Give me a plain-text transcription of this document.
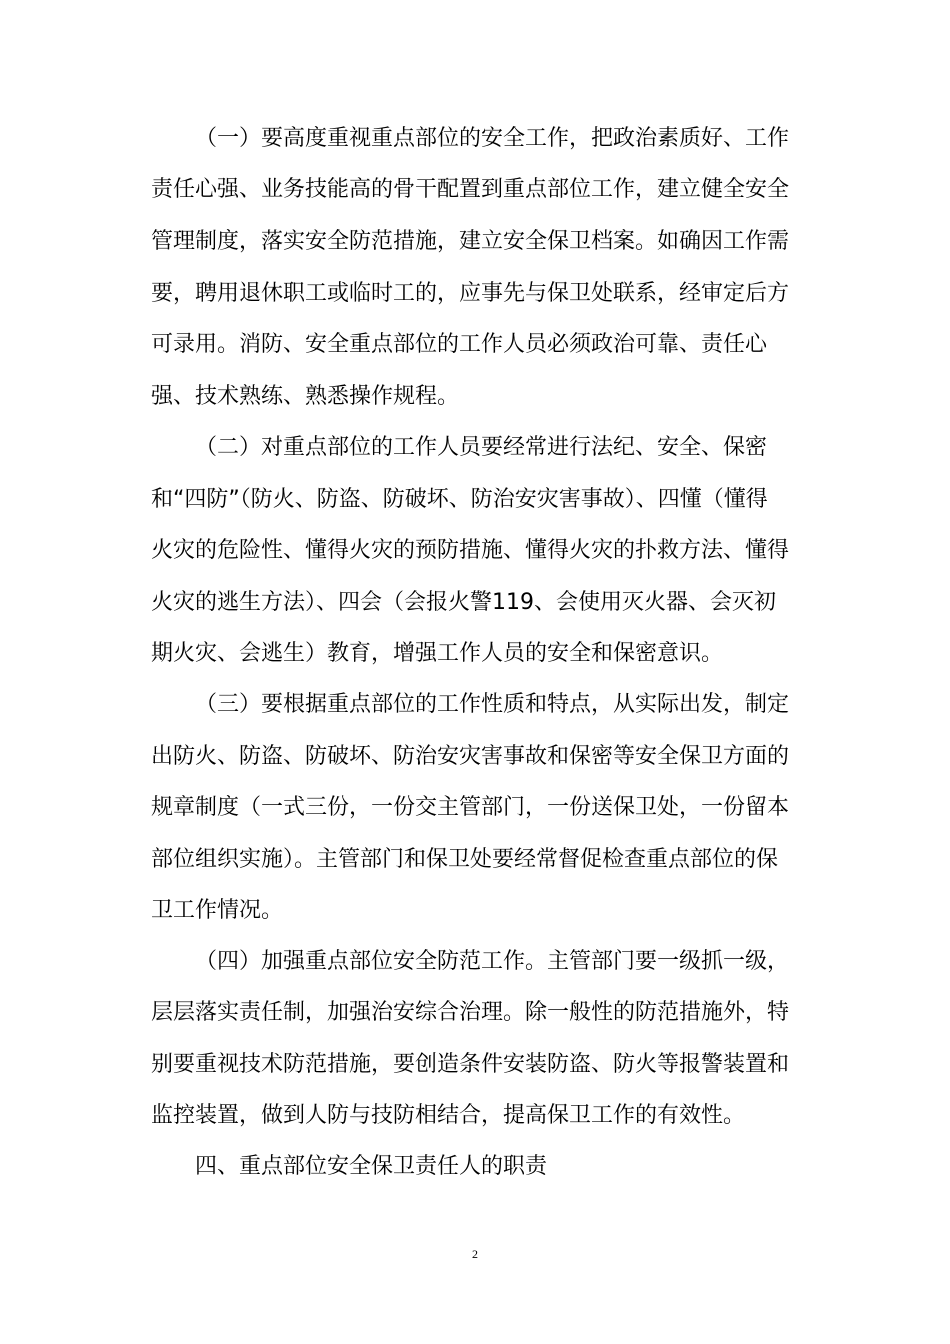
（一）要高度重视重点部位的安全工作，把政治素质好、工作
责任心强、业务技能高的骨干配置到重点部位工作，建立健全安全
管理制度，落实安全防范措施，建立安全保卫档案。如确因工作需
要，聘用退休职工或临时工的，应事先与保卫处联系，经审定后方
可录用。消防、安全重点部位的工作人员必须政治可靠、责任心
强、技术熟练、熟悉操作规程。
（二）对重点部位的工作人员要经常进行法纪、安全、保密
和“四防”（防火、防盗、防破坏、防治安灾害事故）、四懂（懂得
火灾的危险性、懂得火灾的预防措施、懂得火灾的扑救方法、懂得
火灾的逃生方法）、四会（会报火警119、会使用灭火器、会灭初
期火灾、会逃生）教育，增强工作人员的安全和保密意识。
（三）要根据重点部位的工作性质和特点，从实际出发，制定
出防火、防盗、防破坏、防治安灾害事故和保密等安全保卫方面的
规章制度（一式三份，一份交主管部门，一份送保卫处，一份留本
部位组织实施）。主管部门和保卫处要经常督促检查重点部位的保
卫工作情况。
（四）加强重点部位安全防范工作。主管部门要一级抓一级，
层层落实责任制，加强治安综合治理。除一般性的防范措施外，特
别要重视技术防范措施，要创造条件安装防盗、防火等报警装置和
监控装置，做到人防与技防相结合，提高保卫工作的有效性。
四、重点部位安全保卫责任人的职责
2
